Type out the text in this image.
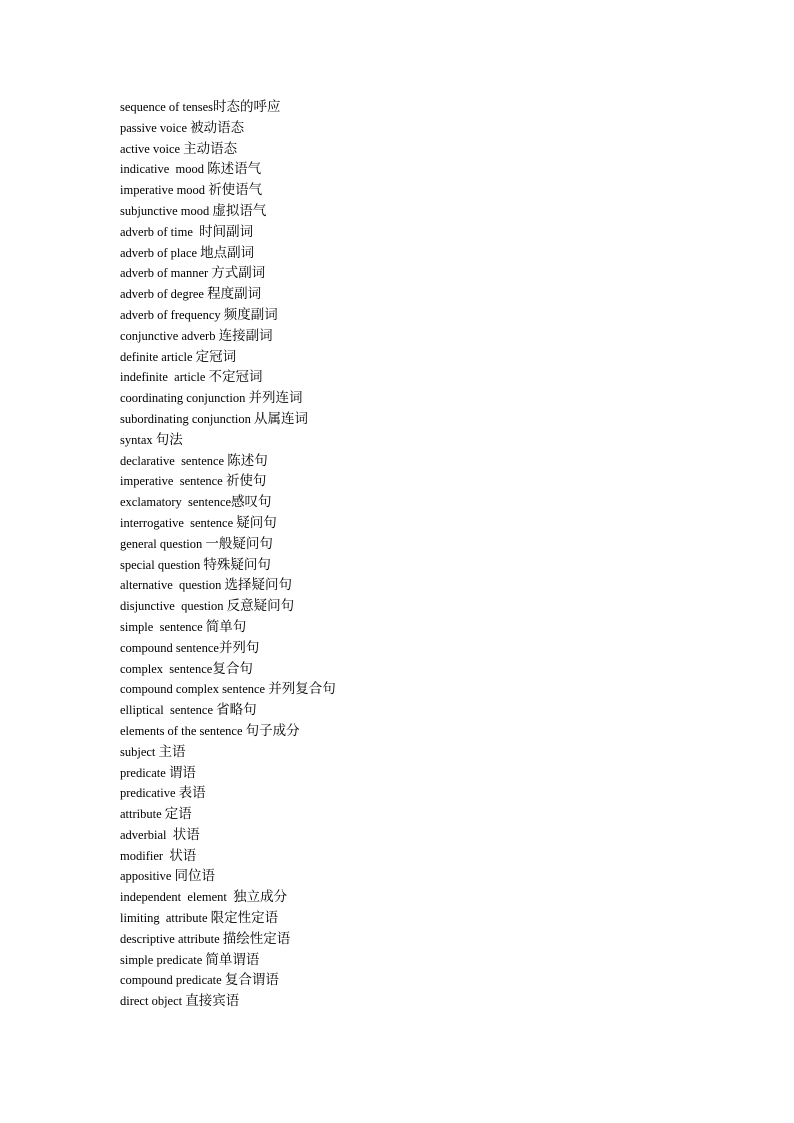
sequence of tenses时态的呼应
passive voice 被动语态
active voice 主动语态
indicative  mood 陈述语气
imperative mood 祈使语气
subjunctive mood 虚拟语气
adverb of time  时间副词
adverb of place 地点副词
adverb of manner 方式副词
adverb of degree 程度副词
adverb of frequency 频度副词
conjunctive adverb 连接副词
definite article 定冠词
indefinite  article 不定冠词
coordinating conjunction 并列连词
subordinating conjunction 从属连词
syntax 句法
declarative  sentence 陈述句
imperative  sentence 祈使句
exclamatory  sentence感叹句
interrogative  sentence 疑问句
general question 一般疑问句
special question 特殊疑问句
alternative  question 选择疑问句
disjunctive  question 反意疑问句
simple  sentence 简单句
compound sentence并列句
complex  sentence复合句
compound complex sentence 并列复合句
elliptical  sentence 省略句
elements of the sentence 句子成分
subject 主语
predicate 谓语
predicative 表语
attribute 定语
adverbial  状语
modifier  状语
appositive 同位语
independent  element  独立成分
limiting  attribute 限定性定语
descriptive attribute 描绘性定语
simple predicate 简单谓语
compound predicate 复合谓语
direct object 直接宾语
